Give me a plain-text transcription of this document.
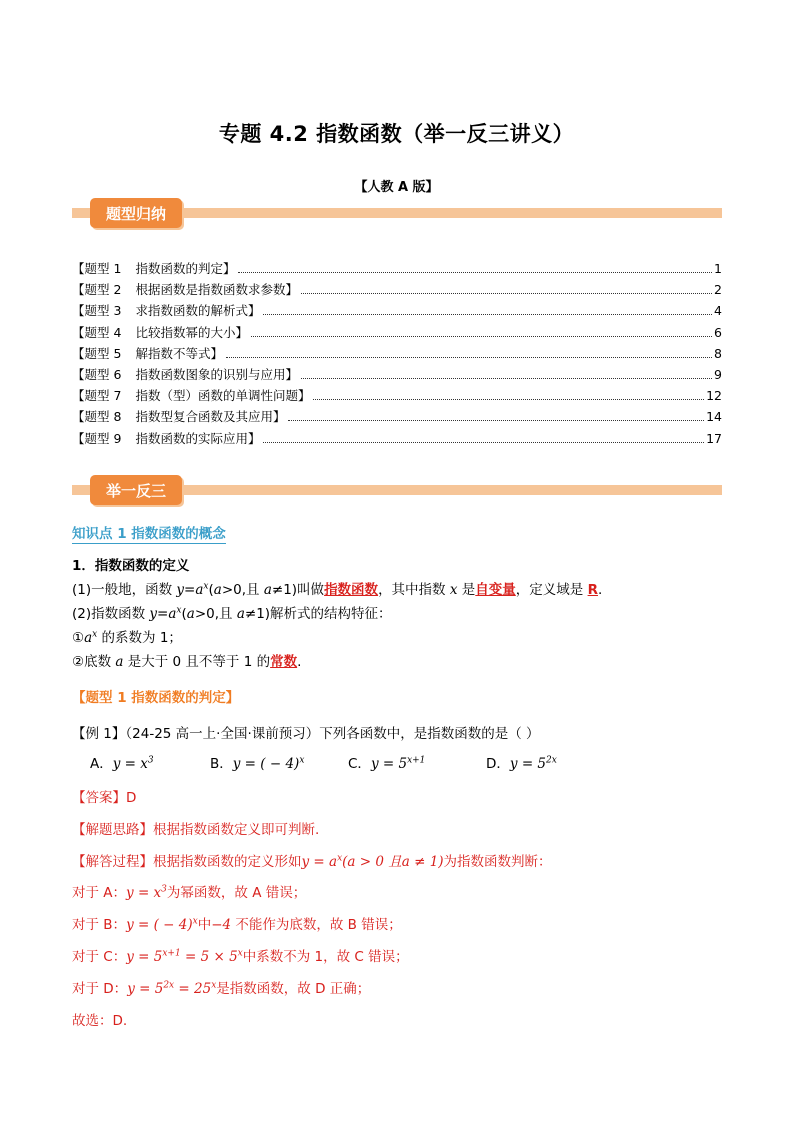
专题 4.2 指数函数（举一反三讲义）
【人教 A 版】
题型归纳
【题型 1 指数函数的判定】	1
【题型 2 根据函数是指数函数求参数】	2
【题型 3 求指数函数的解析式】	4
【题型 4 比较指数幂的大小】	6
【题型 5 解指数不等式】	8
【题型 6 指数函数图象的识别与应用】	9
【题型 7 指数（型）函数的单调性问题】	12
【题型 8 指数型复合函数及其应用】	14
【题型 9 指数函数的实际应用】	17
举一反三
知识点 1 指数函数的概念
1．指数函数的定义
(1)一般地，函数 $y=a^x(a>0$,且 a≠1)叫做指数函数，其中指数 x 是自变量，定义域是 R.
(2)指数函数 $y=a^x(a>0$,且 a≠1)解析式的结构特征：
$①a^x$ 的系数为 1；
②底数 a 是大于 0 且不等于 1 的常数.
【题型 1 指数函数的判定】
【例 1】（24-25 高一上·全国·课前预习）下列各函数中，是指数函数的是（ ）
A．$y = x^3$	B．y = ( − 4)$^x$	C．$y = 5^{x+1}$	D．$y = 5^{2x}$
【答案】D
【解题思路】根据指数函数定义即可判断.
【解答过程】根据指数函数的定义形如$y = a^x(a > 0$ 且a ≠ 1)为指数函数判断：
对于 A：$y = x^3$为幂函数，故 A 错误；
对于 B：y = ( − 4)$^x$中−4 不能作为底数，故 B 错误；
对于 C：$y = 5^{x+1} = 5 \times 5^x$中系数不为 1，故 C 错误；
对于 D：$y = 5^{2x} = 25^x$是指数函数，故 D 正确；
故选：D.
